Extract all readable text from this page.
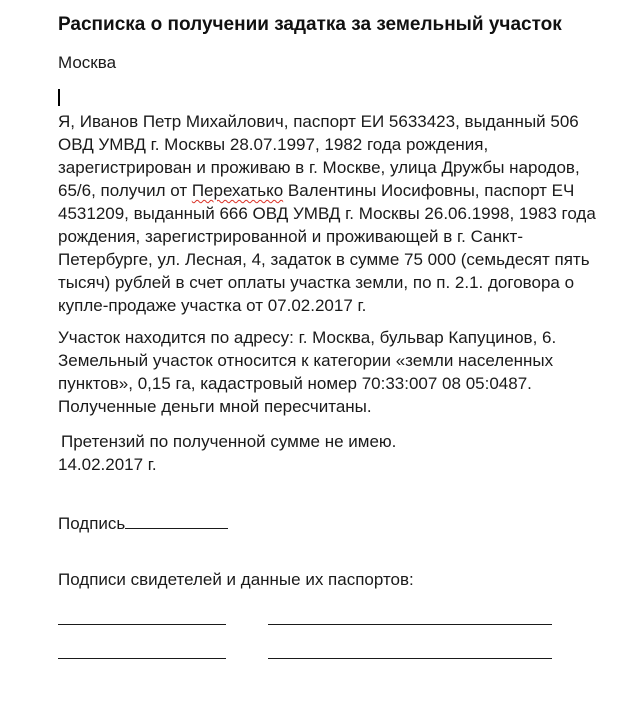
Расписка о получении задатка за земельный участок
Москва
Я, Иванов Петр Михайлович, паспорт ЕИ 5633423, выданный 506
ОВД УМВД г. Москвы 28.07.1997, 1982 года рождения,
зарегистрирован и проживаю в г. Москве, улица Дружбы народов,
65/6, получил от Перехатько Валентины Иосифовны, паспорт ЕЧ
4531209, выданный 666 ОВД УМВД г. Москвы 26.06.1998, 1983 года
рождения, зарегистрированной и проживающей в г. Санкт-
Петербурге, ул. Лесная, 4, задаток в сумме 75 000 (семьдесят пять
тысяч) рублей в счет оплаты участка земли, по п. 2.1. договора о
купле-продаже участка от 07.02.2017 г.
Участок находится по адресу: г. Москва, бульвар Капуцинов, 6.
Земельный участок относится к категории «земли населенных
пунктов», 0,15 га, кадастровый номер 70:33:007 08 05:0487.
Полученные деньги мной пересчитаны.
Претензий по полученной сумме не имею.
14.02.2017 г.
Подпись
Подписи свидетелей и данные их паспортов:
